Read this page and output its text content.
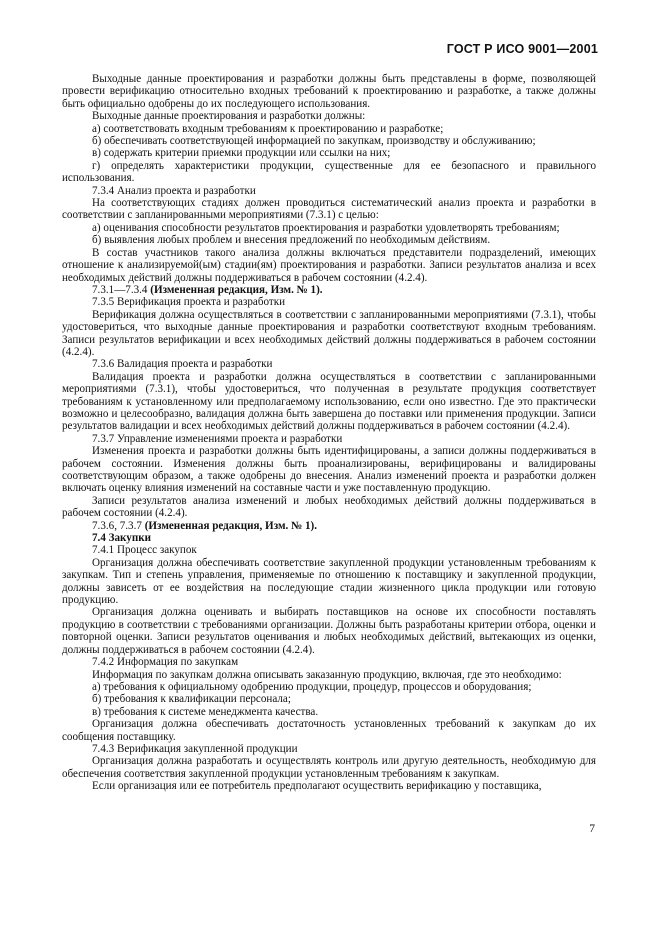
ГОСТ Р ИСО 9001—2001

Выходные данные проектирования и разработки должны быть представлены в форме, позволяющей провести верификацию относительно входных требований к проектированию и разработке, а также должны быть официально одобрены до их последующего использования.

Выходные данные проектирования и разработки должны:

а) соответствовать входным требованиям к проектированию и разработке;

б) обеспечивать соответствующей информацией по закупкам, производству и обслуживанию;

в) содержать критерии приемки продукции или ссылки на них;

г) определять характеристики продукции, существенные для ее безопасного и правильного использования.

7.3.4 Анализ проекта и разработки

На соответствующих стадиях должен проводиться систематический анализ проекта и разработки в соответствии с запланированными мероприятиями (7.3.1) с целью:

а) оценивания способности результатов проектирования и разработки удовлетворять требованиям;

б) выявления любых проблем и внесения предложений по необходимым действиям.

В состав участников такого анализа должны включаться представители подразделений, имеющих отношение к анализируемой(ым) стадии(ям) проектирования и разработки. Записи результатов анализа и всех необходимых действий должны поддерживаться в рабочем состоянии (4.2.4).

7.3.1—7.3.4 (Измененная редакция, Изм. № 1).

7.3.5 Верификация проекта и разработки

Верификация должна осуществляться в соответствии с запланированными мероприятиями (7.3.1), чтобы удостовериться, что выходные данные проектирования и разработки соответствуют входным требованиям. Записи результатов верификации и всех необходимых действий должны поддерживаться в рабочем состоянии (4.2.4).

7.3.6 Валидация проекта и разработки

Валидация проекта и разработки должна осуществляться в соответствии с запланированными мероприятиями (7.3.1), чтобы удостовериться, что полученная в результате продукция соответствует требованиям к установленному или предполагаемому использованию, если оно известно. Где это практически возможно и целесообразно, валидация должна быть завершена до поставки или применения продукции. Записи результатов валидации и всех необходимых действий должны поддерживаться в рабочем состоянии (4.2.4).

7.3.7 Управление изменениями проекта и разработки

Изменения проекта и разработки должны быть идентифицированы, а записи должны поддерживаться в рабочем состоянии. Изменения должны быть проанализированы, верифицированы и валидированы соответствующим образом, а также одобрены до внесения. Анализ изменений проекта и разработки должен включать оценку влияния изменений на составные части и уже поставленную продукцию.

Записи результатов анализа изменений и любых необходимых действий должны поддерживаться в рабочем состоянии (4.2.4).

7.3.6, 7.3.7 (Измененная редакция, Изм. № 1).

7.4 Закупки

7.4.1 Процесс закупок

Организация должна обеспечивать соответствие закупленной продукции установленным требованиям к закупкам. Тип и степень управления, применяемые по отношению к поставщику и закупленной продукции, должны зависеть от ее воздействия на последующие стадии жизненного цикла продукции или готовую продукцию.

Организация должна оценивать и выбирать поставщиков на основе их способности поставлять продукцию в соответствии с требованиями организации. Должны быть разработаны критерии отбора, оценки и повторной оценки. Записи результатов оценивания и любых необходимых действий, вытекающих из оценки, должны поддерживаться в рабочем состоянии (4.2.4).

7.4.2 Информация по закупкам

Информация по закупкам должна описывать заказанную продукцию, включая, где это необходимо:

а) требования к официальному одобрению продукции, процедур, процессов и оборудования;

б) требования к квалификации персонала;

в) требования к системе менеджмента качества.

Организация должна обеспечивать достаточность установленных требований к закупкам до их сообщения поставщику.

7.4.3 Верификация закупленной продукции

Организация должна разработать и осуществлять контроль или другую деятельность, необходимую для обеспечения соответствия закупленной продукции установленным требованиям к закупкам.

Если организация или ее потребитель предполагают осуществить верификацию у поставщика,

7
